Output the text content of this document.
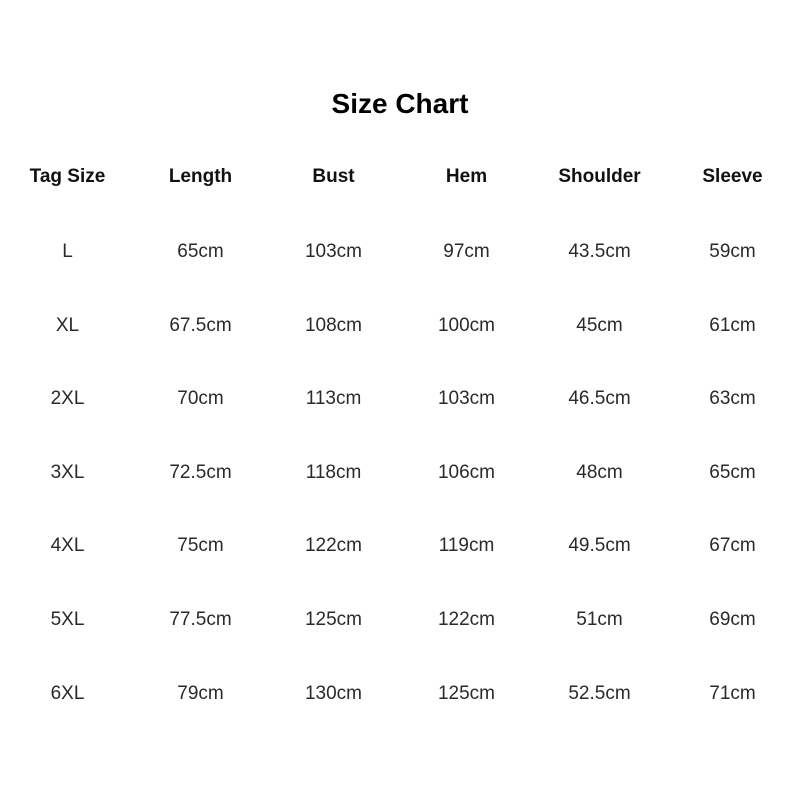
Size Chart
Tag Size	Length	Bust	Hem	Shoulder	Sleeve
L	65cm	103cm	97cm	43.5cm	59cm
XL	67.5cm	108cm	100cm	45cm	61cm
2XL	70cm	113cm	103cm	46.5cm	63cm
3XL	72.5cm	118cm	106cm	48cm	65cm
4XL	75cm	122cm	119cm	49.5cm	67cm
5XL	77.5cm	125cm	122cm	51cm	69cm
6XL	79cm	130cm	125cm	52.5cm	71cm
